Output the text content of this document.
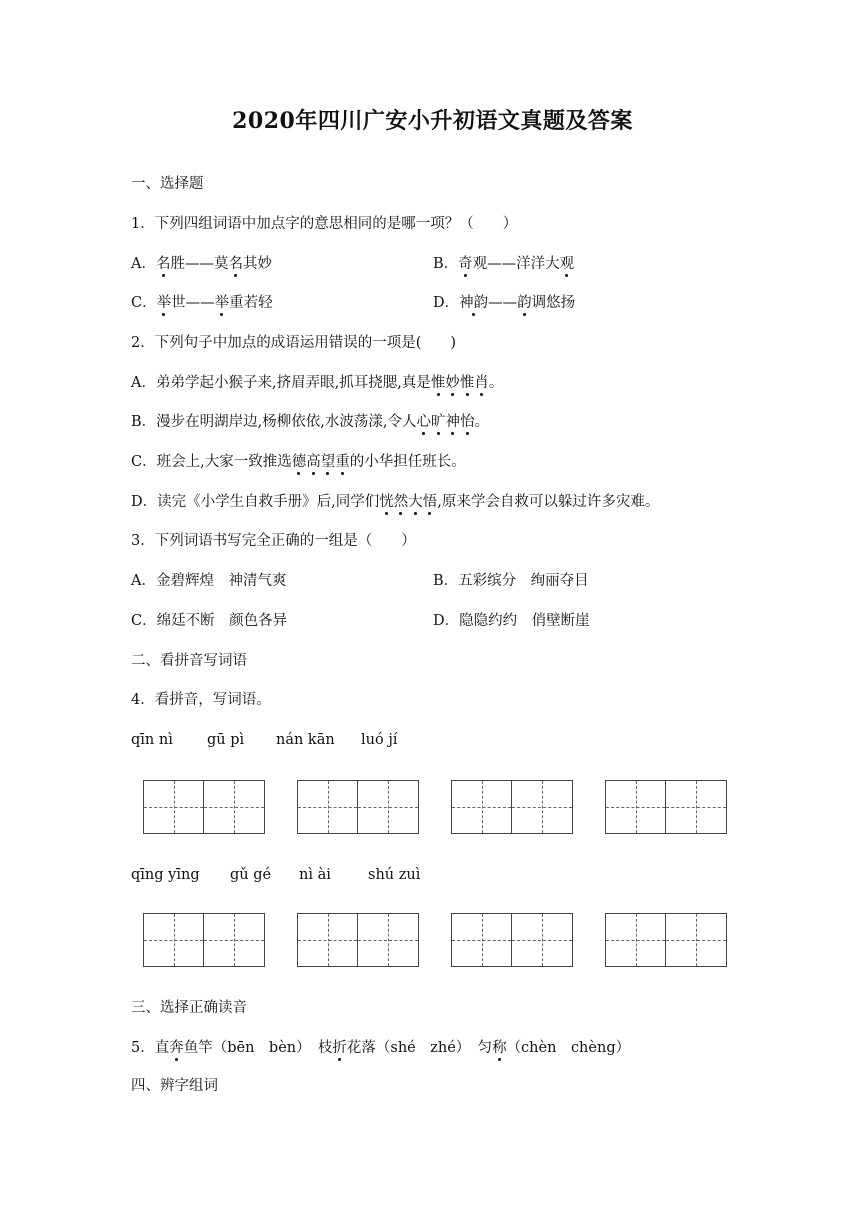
2020年四川广安小升初语文真题及答案
一、选择题
1．下列四组词语中加点字的意思相同的是哪一项？（　　）
A．名胜——莫名其妙	B．奇观——洋洋大观
C．举世——举重若轻	D．神韵——韵调悠扬
2．下列句子中加点的成语运用错误的一项是(　　)
A．弟弟学起小猴子来,挤眉弄眼,抓耳挠腮,真是惟妙惟肖。
B．漫步在明湖岸边,杨柳依依,水波荡漾,令人心旷神怡。
C．班会上,大家一致推选德高望重的小华担任班长。
D．读完《小学生自救手册》后,同学们恍然大悟,原来学会自救可以躲过许多灾难。
3．下列词语书写完全正确的一组是（　　）
A．金碧辉煌　神清气爽	B．五彩缤分　绚丽夺目
C．绵廷不断　颜色各异	D．隐隐约约　俏壁断崖
二、看拼音写词语
4．看拼音，写词语。
qīn nì gū pì nán kān luó jí
qīng yīng gǔ gé nì ài	shú zuì
三、选择正确读音
5．直奔鱼竿（bēn　bèn）　枝折花落（shé　zhé）　匀称（chèn　chèng）
四、辨字组词
